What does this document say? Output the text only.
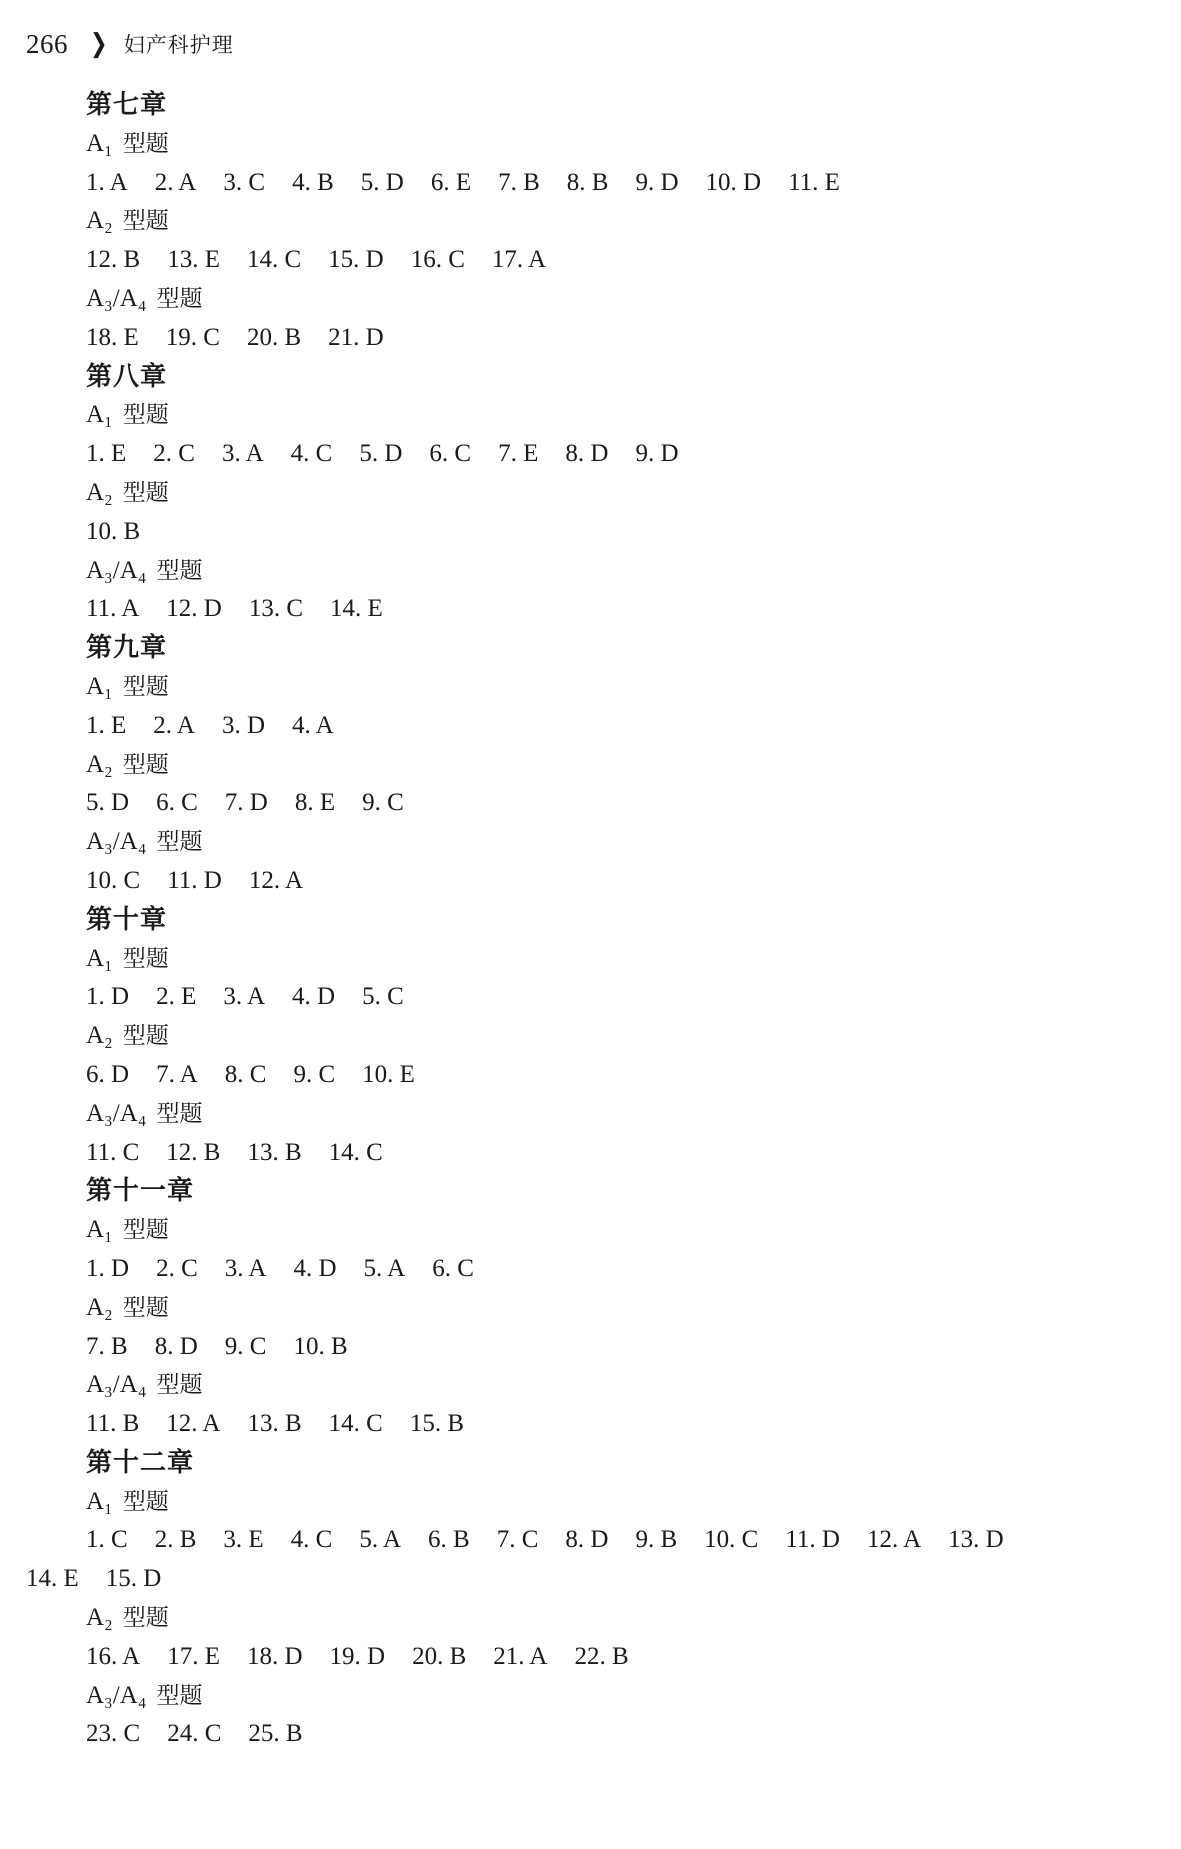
266 ❯ 妇产科护理
第七章
A₁ 型题
1. A 2. A 3. C 4. B 5. D 6. E 7. B 8. B 9. D 10. D 11. E
A₂ 型题
12. B 13. E 14. C 15. D 16. C 17. A
A₃/A₄ 型题
18. E 19. C 20. B 21. D
第八章
A₁ 型题
1. E 2. C 3. A 4. C 5. D 6. C 7. E 8. D 9. D
A₂ 型题
10. B
A₃/A₄ 型题
11. A 12. D 13. C 14. E
第九章
A₁ 型题
1. E 2. A 3. D 4. A
A₂ 型题
5. D 6. C 7. D 8. E 9. C
A₃/A₄ 型题
10. C 11. D 12. A
第十章
A₁ 型题
1. D 2. E 3. A 4. D 5. C
A₂ 型题
6. D 7. A 8. C 9. C 10. E
A₃/A₄ 型题
11. C 12. B 13. B 14. C
第十一章
A₁ 型题
1. D 2. C 3. A 4. D 5. A 6. C
A₂ 型题
7. B 8. D 9. C 10. B
A₃/A₄ 型题
11. B 12. A 13. B 14. C 15. B
第十二章
A₁ 型题
1. C 2. B 3. E 4. C 5. A 6. B 7. C 8. D 9. B 10. C 11. D 12. A 13. D
14. E 15. D
A₂ 型题
16. A 17. E 18. D 19. D 20. B 21. A 22. B
A₃/A₄ 型题
23. C 24. C 25. B
